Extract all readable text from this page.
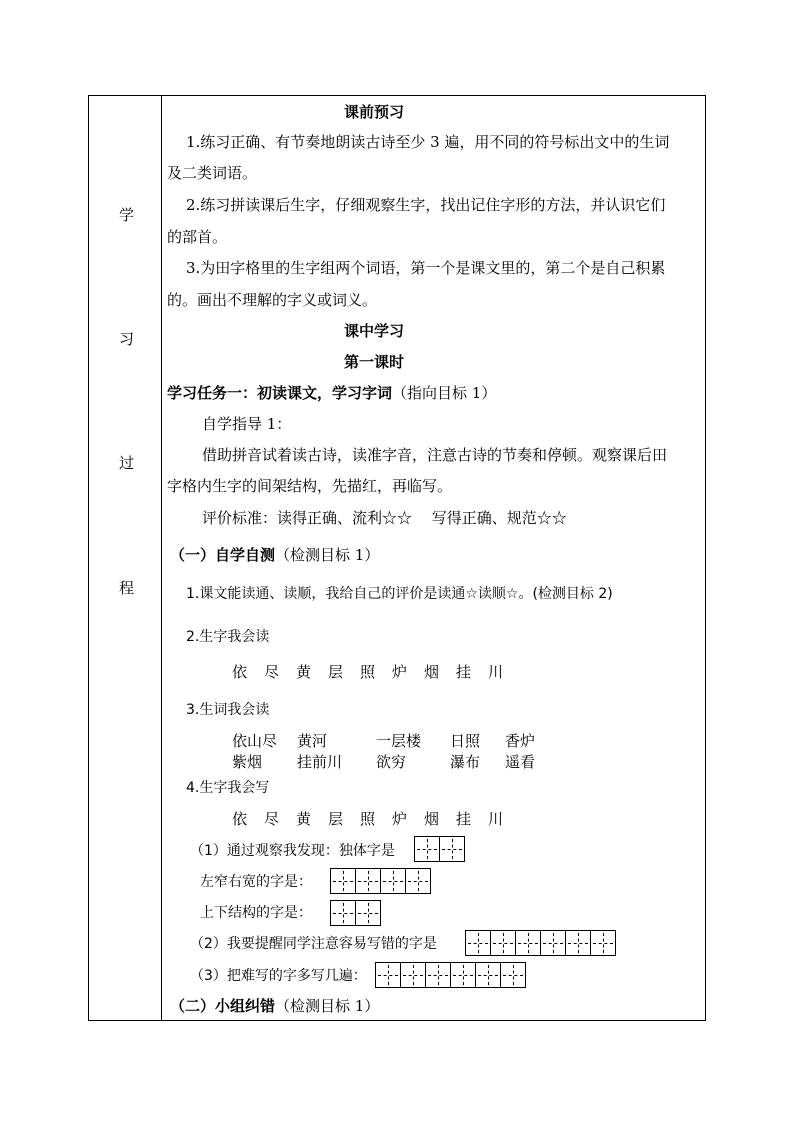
学
习
过
程
课前预习
1.练习正确、有节奏地朗读古诗至少 3 遍，用不同的符号标出文中的生词
及二类词语。
2.练习拼读课后生字，仔细观察生字，找出记住字形的方法，并认识它们
的部首。
3.为田字格里的生字组两个词语，第一个是课文里的，第二个是自己积累
的。画出不理解的字义或词义。
课中学习
第一课时
学习任务一：初读课文，学习字词（指向目标 1）
自学指导 1：
借助拼音试着读古诗，读准字音，注意古诗的节奏和停顿。观察课后田
字格内生字的间架结构，先描红，再临写。
评价标准：读得正确、流利☆☆　 写得正确、规范☆☆
（一）自学自测（检测目标 1）
1.课文能读通、读顺，我给自己的评价是读通☆读顺☆。(检测目标 2)
2.生字我会读
依 尽 黄 层 照 炉 烟 挂 川
3.生词我会读
依山尽 黄河	一层楼 日照 香炉
紫烟 挂前川 欲穷	瀑布 遥看
4.生字我会写
依 尽 黄 层 照 炉 烟 挂 川
（1）通过观察我发现：独体字是
左窄右宽的字是：
上下结构的字是：
（2）我要提醒同学注意容易写错的字是
（3）把难写的字多写几遍：
（二）小组纠错（检测目标 1）
